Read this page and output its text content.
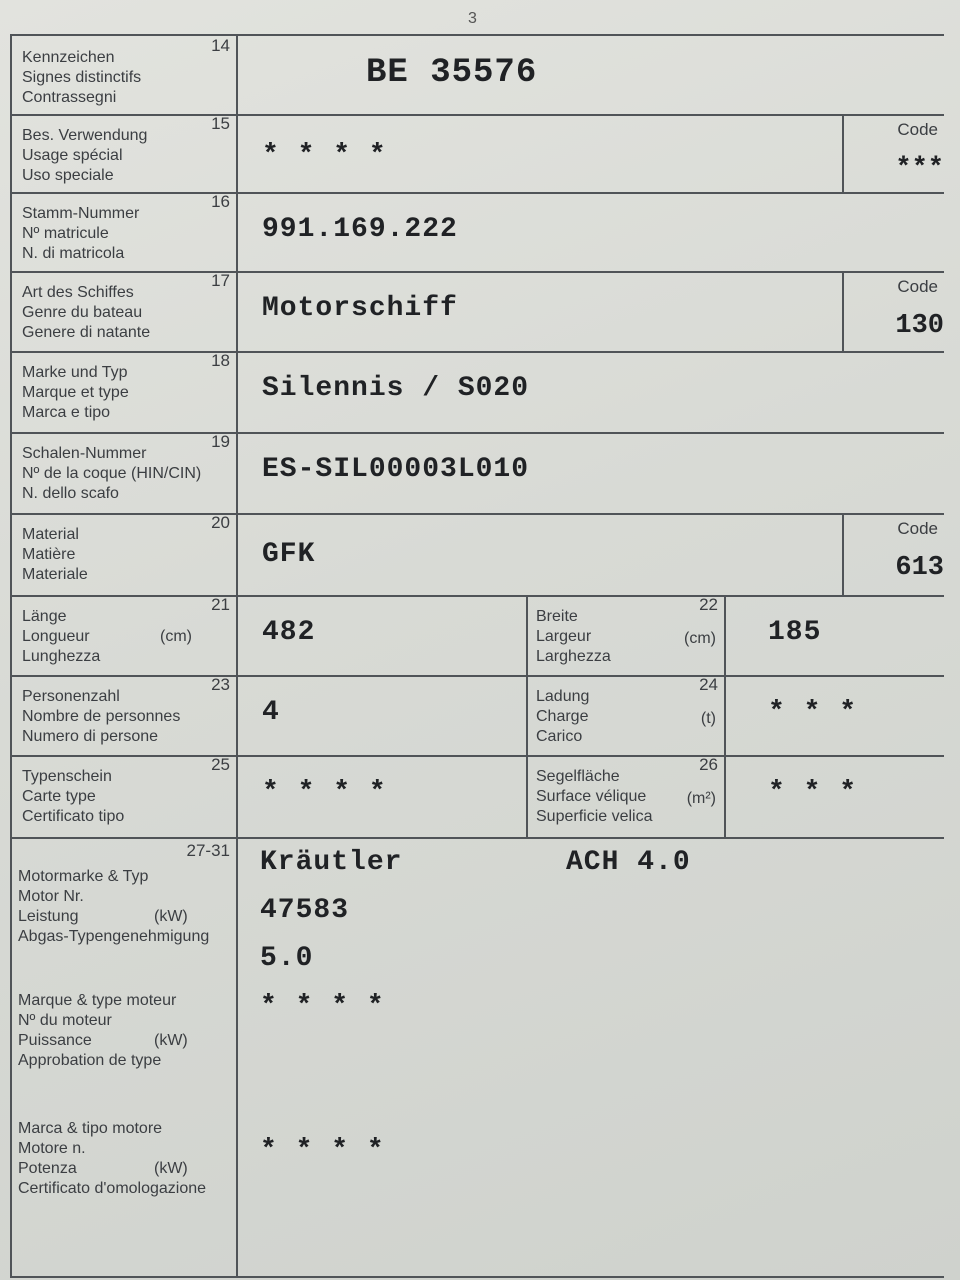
3
Kennzeichen
Signes distinctifs
Contrassegni
14
BE 35576
Bes. Verwendung
Usage spécial
Uso speciale
15
* * * *
Code
***
Stamm-Nummer
Nº matricule
N. di matricola
16
991.169.222
Art des Schiffes
Genre du bateau
Genere di natante
17
Motorschiff
Code
130
Marke und Typ
Marque et type
Marca e tipo
18
Silennis / S020
Schalen-Nummer
Nº de la coque (HIN/CIN)
N. dello scafo
19
ES-SIL00003L010
Material
Matière
Materiale
20
GFK
Code
613
Länge
Longueur
Lunghezza
21
(cm)	482
Breite
Largeur
Larghezza
22
(cm) 185
Personenzahl
Nombre de personnes
Numero di persone
23
4
Ladung
Charge
Carico
24
(t) * * *
Typenschein
Carte type
Certificato tipo
25
* * * *
Segelfläche
Surface vélique
Superficie velica
26
(m²) * * *
27-31
Motormarke & Typ
Motor Nr.
Leistung
Abgas-Typengenehmigung
(kW)
Marque & type moteur
Nº du moteur
Puissance
Approbation de type
(kW)
Marca & tipo motore
Motore n.
Potenza
Certificato d'omologazione
(kW)
Kräutler	ACH 4.0
47583
5.0
* * * *
* * * *
